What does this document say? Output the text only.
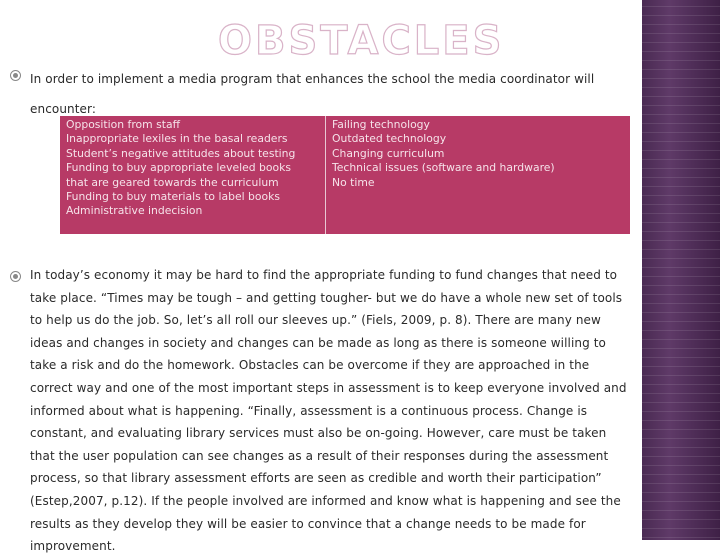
OBSTACLES

In order to implement a media program that enhances the school the media coordinator will encounter:

Opposition from staff
Inappropriate lexiles in the basal readers
Student’s negative attitudes about testing
Funding to buy appropriate leveled books
that are geared towards the curriculum
Funding to buy materials to label books
Administrative indecision
Failing technology
Outdated technology
Changing curriculum
Technical issues (software and hardware)
No time

In today’s economy it may be hard to find the appropriate funding to fund changes that need to take place. “Times may be tough – and getting tougher- but we do have a whole new set of tools to help us do the job. So, let’s all roll our sleeves up.” (Fiels, 2009, p. 8). There are many new ideas and changes in society and changes can be made as long as there is someone willing to take a risk and do the homework. Obstacles can be overcome if they are approached in the correct way and one of the most important steps in assessment is to keep everyone involved and informed about what is happening. “Finally, assessment is a continuous process. Change is constant, and evaluating library services must also be on-going. However, care must be taken that the user population can see changes as a result of their responses during the assessment process, so that library assessment efforts are seen as credible and worth their participation” (Estep,2007, p.12). If the people involved are informed and know what is happening and see the results as they develop they will be easier to convince that a change needs to be made for improvement.
